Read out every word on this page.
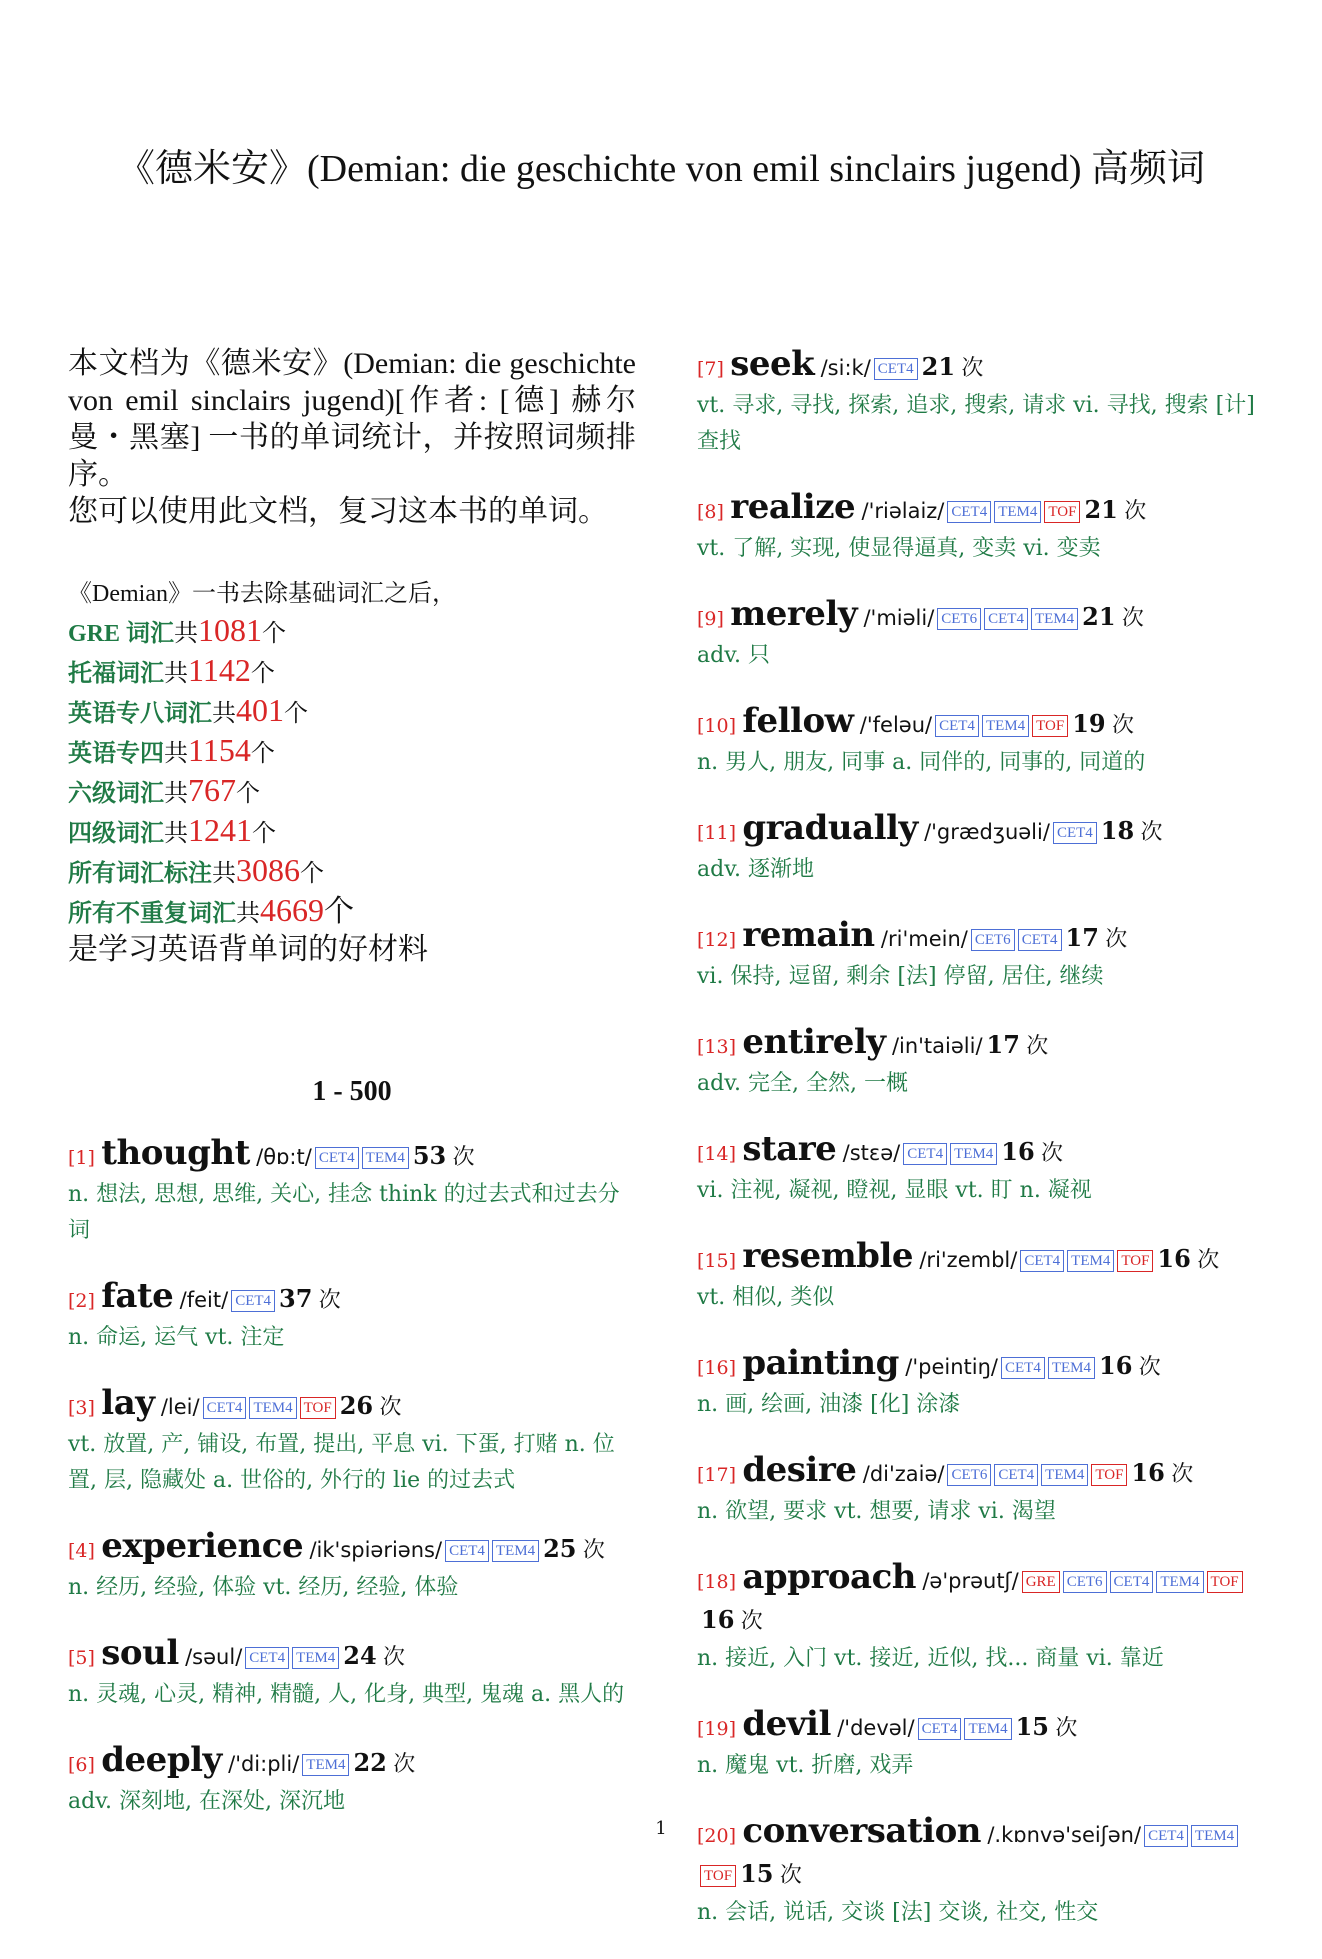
《德米安》(Demian: die geschichte von emil sinclairs jugend) 高频词

本文档为《德米安》(Demian: die geschichte von emil sinclairs jugend)[作者: [德] 赫尔曼・黑塞] 一书的单词统计，并按照词频排序。

您可以使用此文档，复习这本书的单词。

《Demian》一书去除基础词汇之后，
GRE 词汇共1081个
托福词汇共1142个
英语专八词汇共401个
英语专四共1154个
六级词汇共767个
四级词汇共1241个
所有词汇标注共3086个
所有不重复词汇共4669个
是学习英语背单词的好材料
1 - 500
[1] thought /θɒ:t/ CET4 TEM4 53 次
n. 想法, 思想, 思维, 关心, 挂念 think 的过去式和过去分词
[2] fate /feit/ CET4 37 次
n. 命运, 运气 vt. 注定
[3] lay /lei/ CET4 TEM4 TOF 26 次
vt. 放置, 产, 铺设, 布置, 提出, 平息 vi. 下蛋, 打赌 n. 位置, 层, 隐藏处 a. 世俗的, 外行的 lie 的过去式
[4] experience /ik'spiəriəns/ CET4 TEM4 25 次
n. 经历, 经验, 体验 vt. 经历, 经验, 体验
[5] soul /səul/ CET4 TEM4 24 次
n. 灵魂, 心灵, 精神, 精髓, 人, 化身, 典型, 鬼魂 a. 黑人的
[6] deeply /'di:pli/ TEM4 22 次
adv. 深刻地, 在深处, 深沉地
[7] seek /si:k/ CET4 21 次
vt. 寻求, 寻找, 探索, 追求, 搜索, 请求 vi. 寻找, 搜索 [计] 查找
[8] realize /'riəlaiz/ CET4 TEM4 TOF 21 次
vt. 了解, 实现, 使显得逼真, 变卖 vi. 变卖
[9] merely /'miəli/ CET6 CET4 TEM4 21 次
adv. 只
[10] fellow /'feləu/ CET4 TEM4 TOF 19 次
n. 男人, 朋友, 同事 a. 同伴的, 同事的, 同道的
[11] gradually /'grædʒuəli/ CET4 18 次
adv. 逐渐地
[12] remain /ri'mein/ CET6 CET4 17 次
vi. 保持, 逗留, 剩余 [法] 停留, 居住, 继续
[13] entirely /in'taiəli/ 17 次
adv. 完全, 全然, 一概
[14] stare /stɛə/ CET4 TEM4 16 次
vi. 注视, 凝视, 瞪视, 显眼 vt. 盯 n. 凝视
[15] resemble /ri'zembl/ CET4 TEM4 TOF 16 次
vt. 相似, 类似
[16] painting /'peintiŋ/ CET4 TEM4 16 次
n. 画, 绘画, 油漆 [化] 涂漆
[17] desire /di'zaiə/ CET6 CET4 TEM4 TOF 16 次
n. 欲望, 要求 vt. 想要, 请求 vi. 渴望
[18] approach /ə'prəutʃ/ GRE CET6 CET4 TEM4 TOF16 次
n. 接近, 入门 vt. 接近, 近似, 找... 商量 vi. 靠近
[19] devil /'devəl/ CET4 TEM4 15 次
n. 魔鬼 vt. 折磨, 戏弄
[20] conversation /.kɒnvə'seiʃən/ CET4 TEM4TOF 15 次
n. 会话, 说话, 交谈 [法] 交谈, 社交, 性交
1
